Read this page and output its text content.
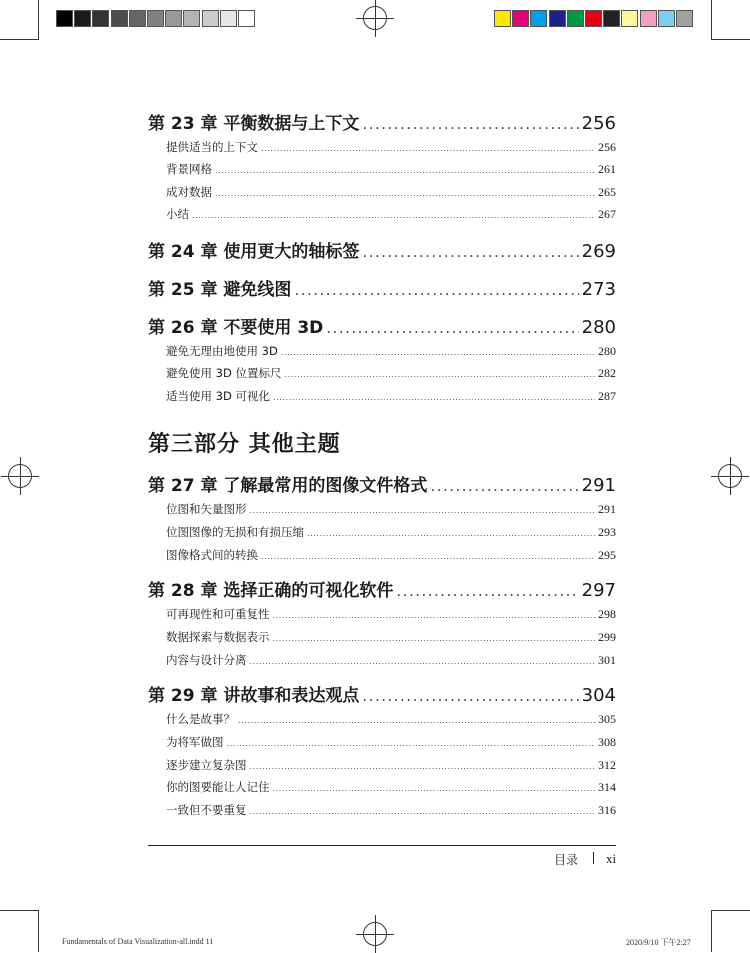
第 23 章 平衡数据与上下文 .....	256
提供适当的上下文 .....	256
背景网格 .....	261
成对数据 .....	265
小结 .....	267
第 24 章 使用更大的轴标签 .....	269
第 25 章 避免线图 .....	273
第 26 章 不要使用 3D .....	280
避免无理由地使用 3D .....	280
避免使用 3D 位置标尺 .....	282
适当使用 3D 可视化 .....	287
第三部分 其他主题
第 27 章 了解最常用的图像文件格式 .....	291
位图和矢量图形 .....	291
位图图像的无损和有损压缩 .....	293
图像格式间的转换 .....	295
第 28 章 选择正确的可视化软件 .....	297
可再现性和可重复性 .....	298
数据探索与数据表示 .....	299
内容与设计分离 .....	301
第 29 章 讲故事和表达观点 .....	304
什么是故事？ .....	305
为将军做图 .....	308
逐步建立复杂图 .....	312
你的图要能让人记住 .....	314
一致但不要重复 .....	316
目录 xi
Fundamentals of Data Visualization-all.indd 11	2020/9/10 下午2:27
